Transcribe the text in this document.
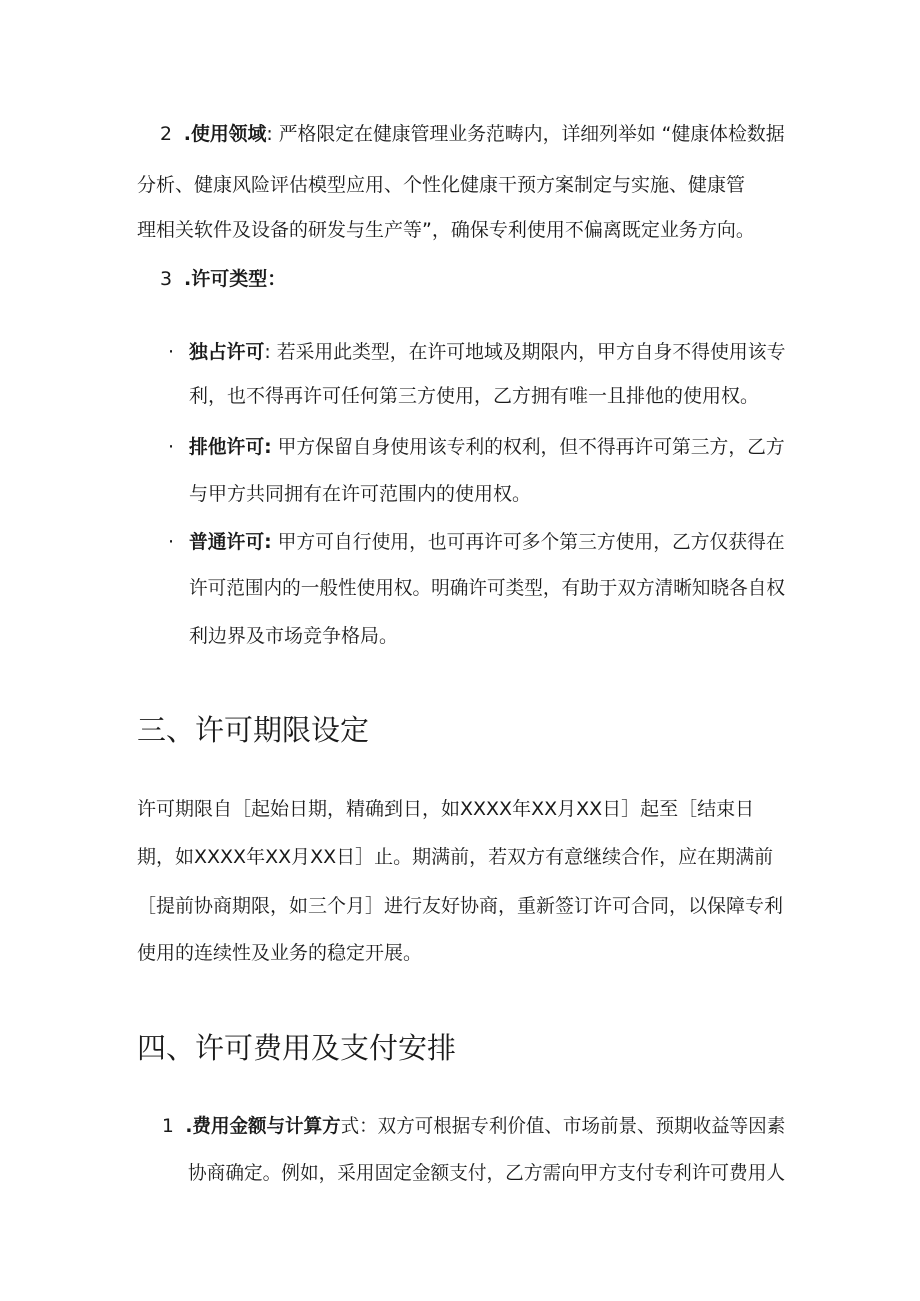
2 .使用领域: 严格限定在健康管理业务范畴内，详细列举如 “健康体检数据
分析、健康风险评估模型应用、个性化健康干预方案制定与实施、健康管
理相关软件及设备的研发与生产等”，确保专利使用不偏离既定业务方向。
3 .许可类型：
· 独占许可: 若采用此类型，在许可地域及期限内，甲方自身不得使用该专
利，也不得再许可任何第三方使用，乙方拥有唯一且排他的使用权。
· 排他许可: 甲方保留自身使用该专利的权利，但不得再许可第三方，乙方
与甲方共同拥有在许可范围内的使用权。
· 普通许可: 甲方可自行使用，也可再许可多个第三方使用，乙方仅获得在
许可范围内的一般性使用权。明确许可类型，有助于双方清晰知晓各自权
利边界及市场竞争格局。
三、许可期限设定
许可期限自［起始日期，精确到日，如XXXX年XX月XX日］起至［结束日
期，如XXXX年XX月XX日］止。期满前，若双方有意继续合作，应在期满前
［提前协商期限，如三个月］进行友好协商，重新签订许可合同，以保障专利
使用的连续性及业务的稳定开展。
四、许可费用及支付安排
1 .费用金额与计算方式：双方可根据专利价值、市场前景、预期收益等因素
协商确定。例如，采用固定金额支付，乙方需向甲方支付专利许可费用人
